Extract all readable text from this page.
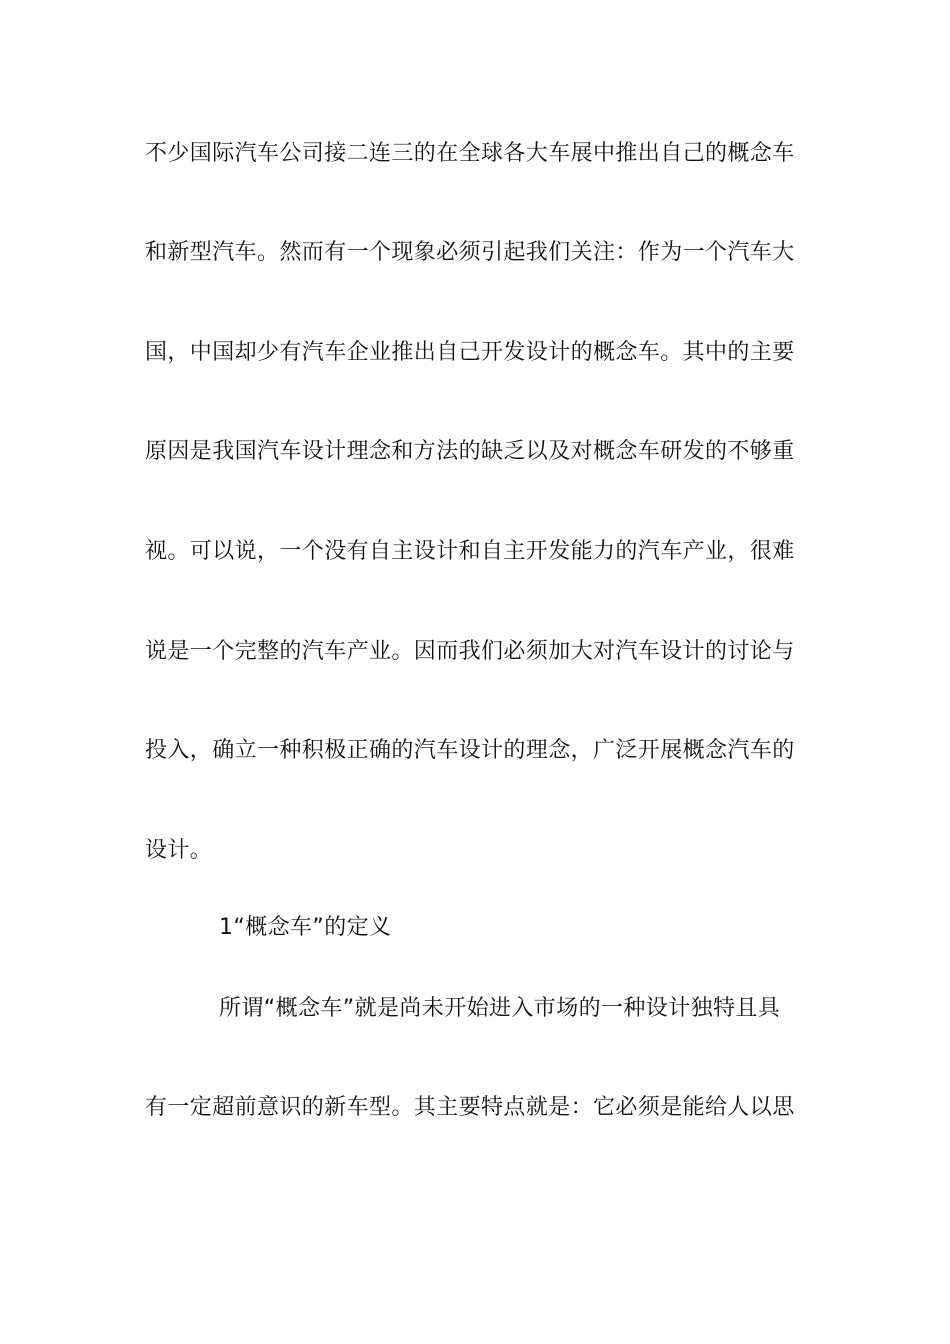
不少国际汽车公司接二连三的在全球各大车展中推出自己的概念车
和新型汽车。然而有一个现象必须引起我们关注：作为一个汽车大
国，中国却少有汽车企业推出自己开发设计的概念车。其中的主要
原因是我国汽车设计理念和方法的缺乏以及对概念车研发的不够重
视。可以说，一个没有自主设计和自主开发能力的汽车产业，很难
说是一个完整的汽车产业。因而我们必须加大对汽车设计的讨论与
投入，确立一种积极正确的汽车设计的理念，广泛开展概念汽车的
设计。
1“概念车”的定义
所谓“概念车”就是尚未开始进入市场的一种设计独特且具
有一定超前意识的新车型。其主要特点就是：它必须是能给人以思
